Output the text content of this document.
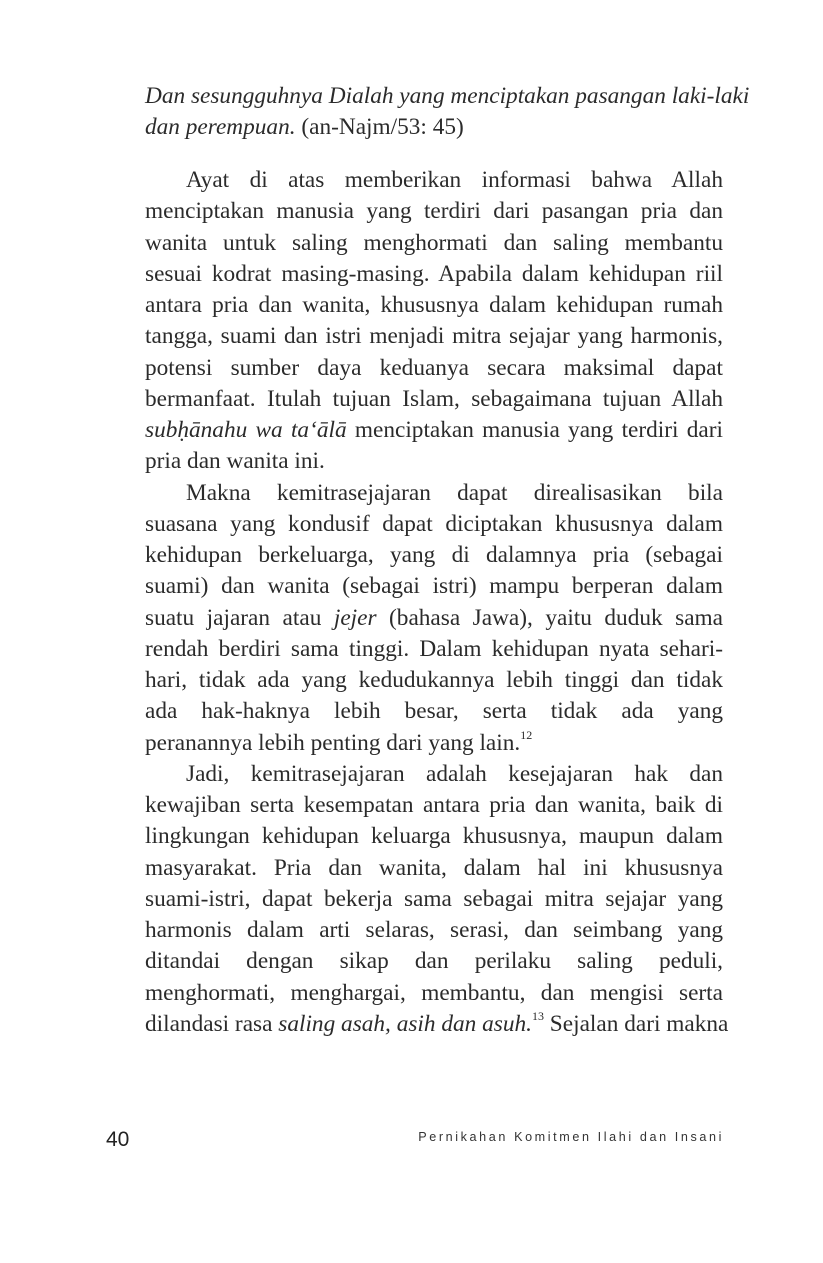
Dan sesungguhnya Dialah yang menciptakan pasangan laki-laki
dan perempuan. (an-Najm/53: 45)
Ayat di atas memberikan informasi bahwa Allah
menciptakan manusia yang terdiri dari pasangan pria dan
wanita untuk saling menghormati dan saling membantu
sesuai kodrat masing-masing. Apabila dalam kehidupan riil
antara pria dan wanita, khususnya dalam kehidupan rumah
tangga, suami dan istri menjadi mitra sejajar yang harmonis,
potensi sumber daya keduanya secara maksimal dapat
bermanfaat. Itulah tujuan Islam, sebagaimana tujuan Allah
subḥānahu wa ta‘ālā menciptakan manusia yang terdiri dari
pria dan wanita ini.
Makna kemitrasejajaran dapat direalisasikan bila
suasana yang kondusif dapat diciptakan khususnya dalam
kehidupan berkeluarga, yang di dalamnya pria (sebagai
suami) dan wanita (sebagai istri) mampu berperan dalam
suatu jajaran atau jejer (bahasa Jawa), yaitu duduk sama
rendah berdiri sama tinggi. Dalam kehidupan nyata sehari-
hari, tidak ada yang kedudukannya lebih tinggi dan tidak
ada hak-haknya lebih besar, serta tidak ada yang
peranannya lebih penting dari yang lain.$^{12}$
Jadi, kemitrasejajaran adalah kesejajaran hak dan
kewajiban serta kesempatan antara pria dan wanita, baik di
lingkungan kehidupan keluarga khususnya, maupun dalam
masyarakat. Pria dan wanita, dalam hal ini khususnya
suami-istri, dapat bekerja sama sebagai mitra sejajar yang
harmonis dalam arti selaras, serasi, dan seimbang yang
ditandai dengan sikap dan perilaku saling peduli,
menghormati, menghargai, membantu, dan mengisi serta
dilandasi rasa saling asah, asih dan asuh.$^{13}$ Sejalan dari makna
40	Pernikahan Komitmen Ilahi dan Insani
